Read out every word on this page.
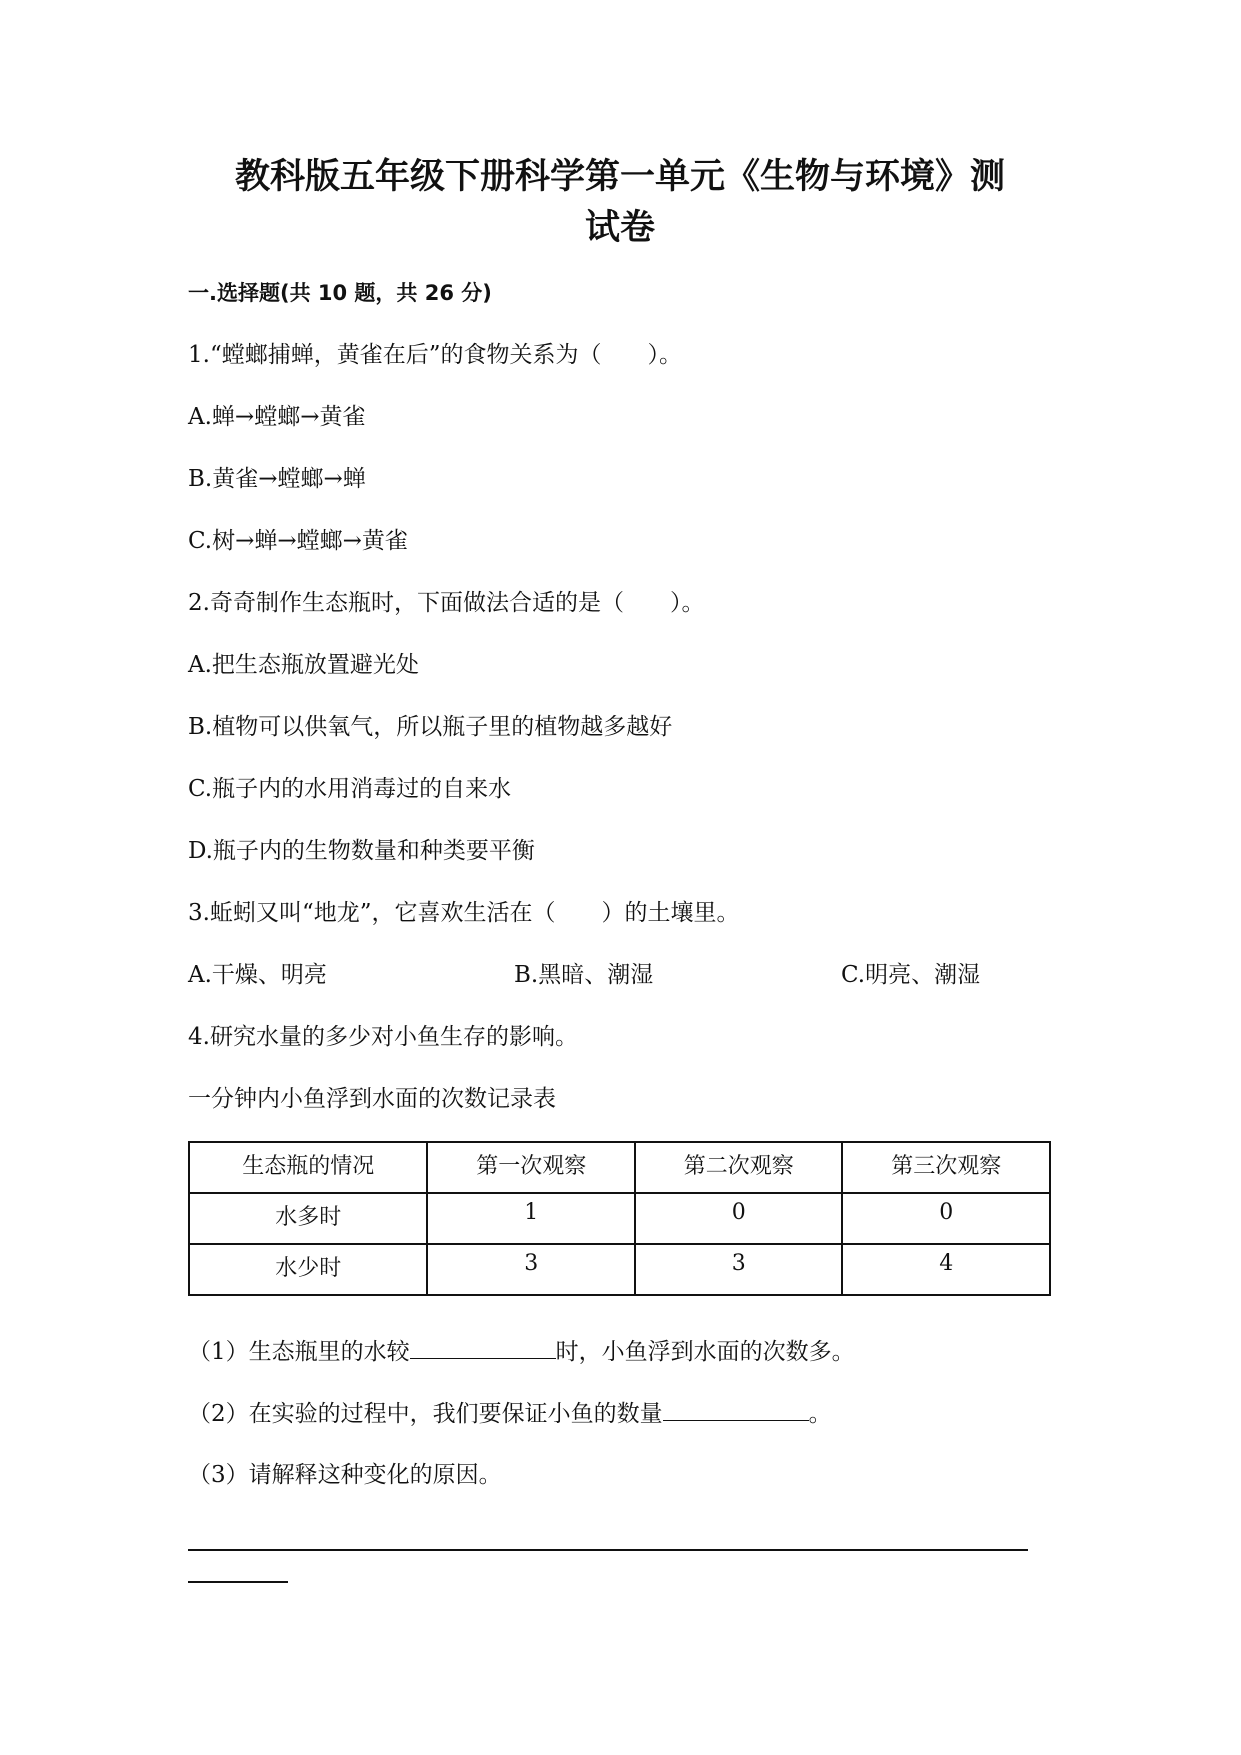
教科版五年级下册科学第一单元《生物与环境》测
试卷
一.选择题(共 10 题，共 26 分)
1.“螳螂捕蝉，黄雀在后”的食物关系为（　　）。
A.蝉→螳螂→黄雀
B.黄雀→螳螂→蝉
C.树→蝉→螳螂→黄雀
2.奇奇制作生态瓶时，下面做法合适的是（　　）。
A.把生态瓶放置避光处
B.植物可以供氧气，所以瓶子里的植物越多越好
C.瓶子内的水用消毒过的自来水
D.瓶子内的生物数量和种类要平衡
3.蚯蚓又叫“地龙”，它喜欢生活在（　　）的土壤里。
A.干燥、明亮	B.黑暗、潮湿	C.明亮、潮湿
4.研究水量的多少对小鱼生存的影响。
一分钟内小鱼浮到水面的次数记录表
生态瓶的情况	第一次观察	第二次观察	第三次观察
水多时	1	0	0
水少时	3	3	4
（1）生态瓶里的水较	时，小鱼浮到水面的次数多。
（2）在实验的过程中，我们要保证小鱼的数量	。
（3）请解释这种变化的原因。
